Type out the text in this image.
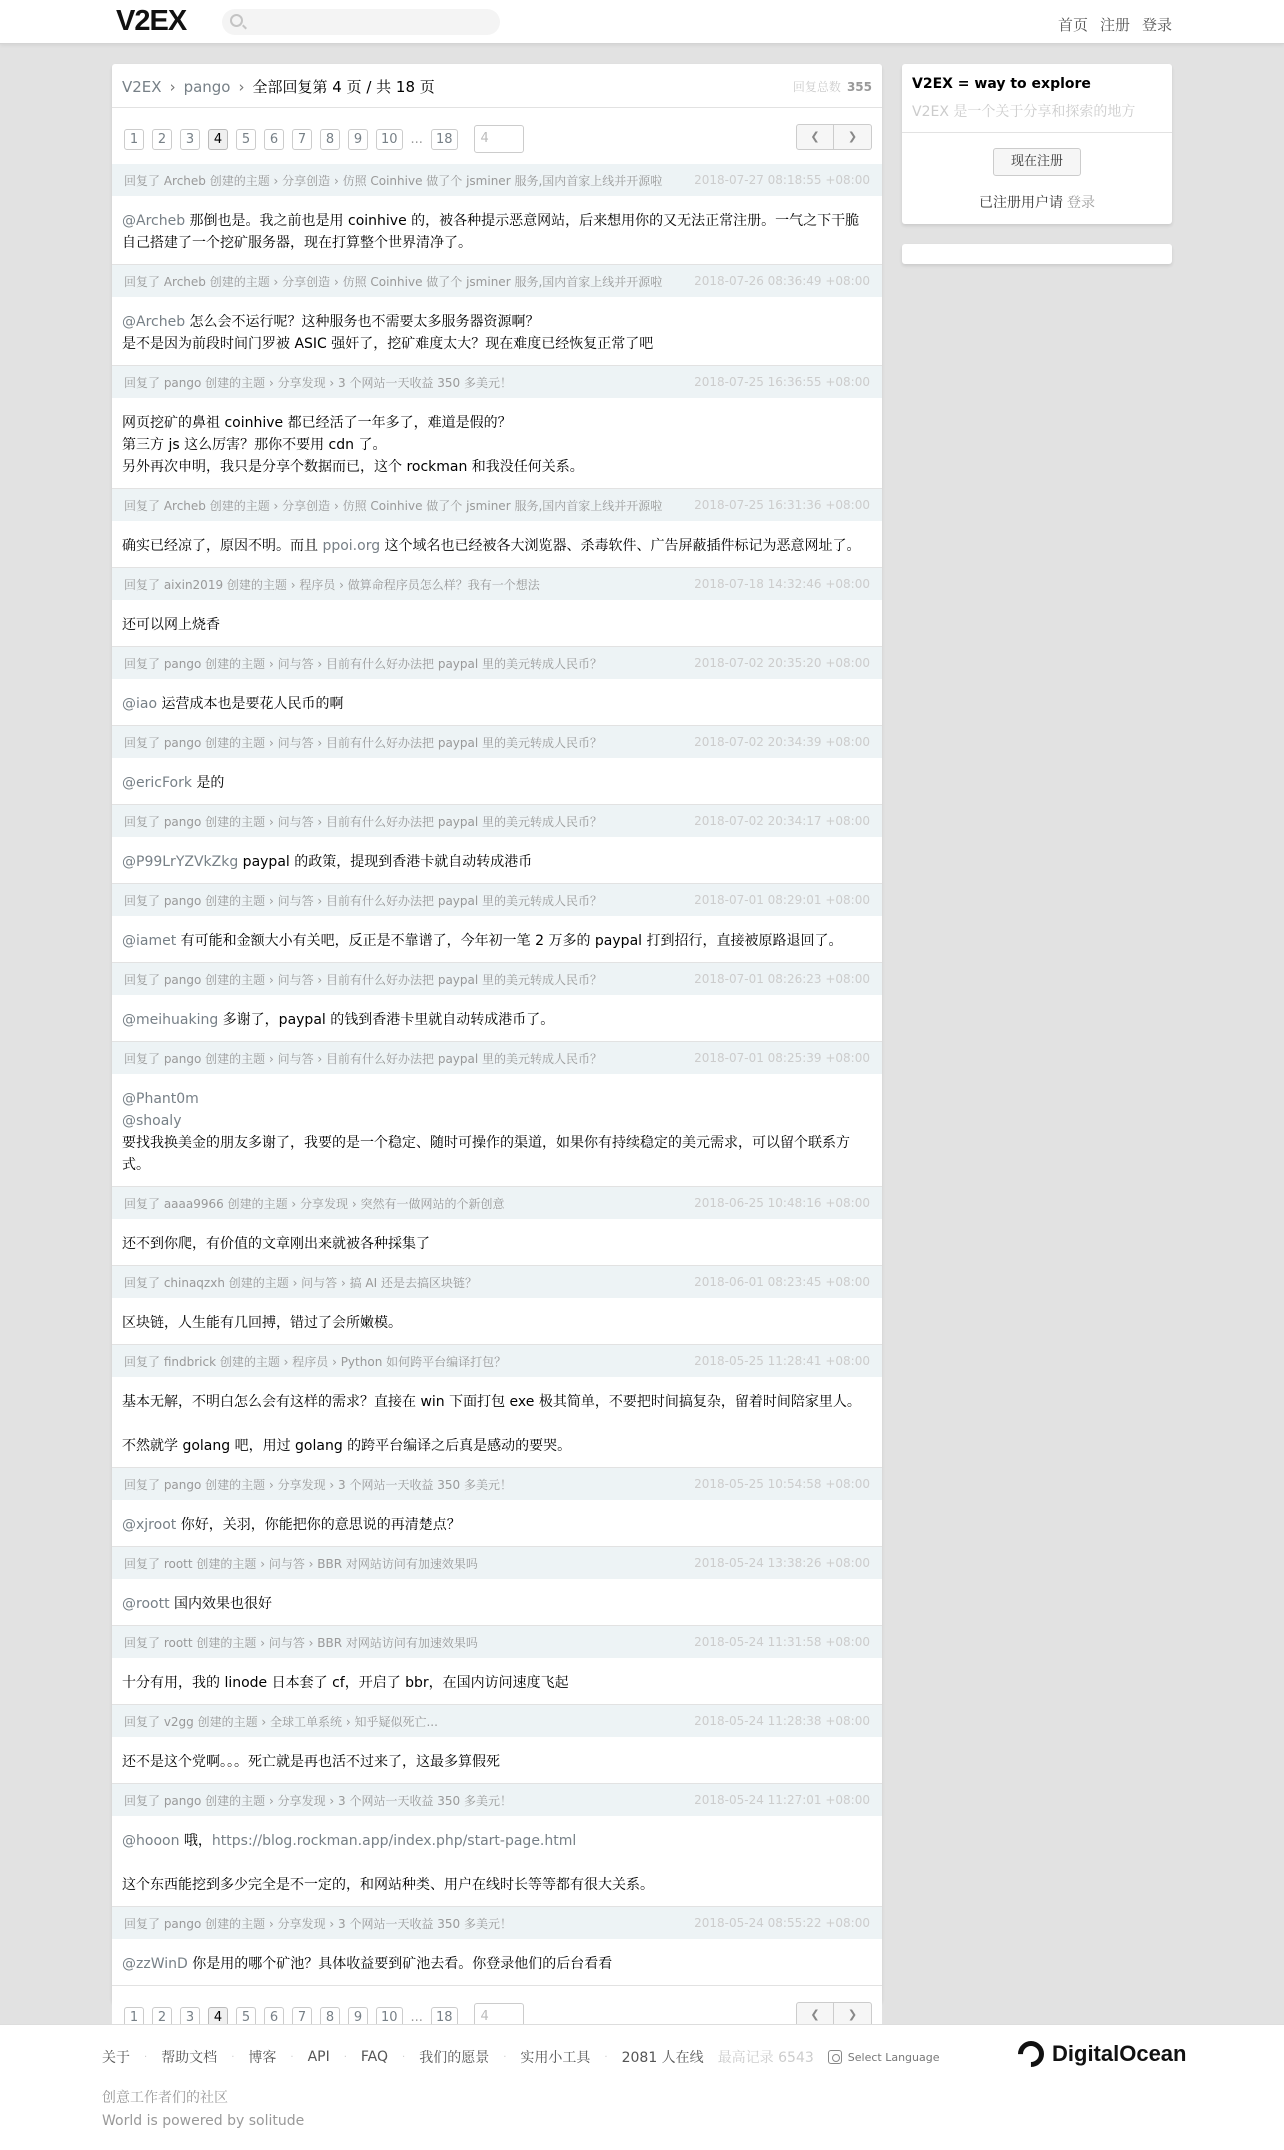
V2EX	首页 注册 登录
V2EX › pango › 全部回复第 4 页 / 共 18 页	回复总数 355
1	2	3	4	5	6	7	8	9	10	...	18	4	❮	❯
回复了 Archeb 创建的主题 › 分享创造 › 仿照 Coinhive 做了个 jsminer 服务,国内首家上线并开源啦	2018-07-27 08:18:55 +08:00

@Archeb 那倒也是。我之前也是用 coinhive 的，被各种提示恶意网站，后来想用你的又无法正常注册。一气之下干脆自己搭建了一个挖矿服务器，现在打算整个世界清净了。

回复了 Archeb 创建的主题 › 分享创造 › 仿照 Coinhive 做了个 jsminer 服务,国内首家上线并开源啦	2018-07-26 08:36:49 +08:00

@Archeb 怎么会不运行呢？这种服务也不需要太多服务器资源啊？

是不是因为前段时间门罗被 ASIC 强奸了，挖矿难度太大？现在难度已经恢复正常了吧

回复了 pango 创建的主题 › 分享发现 › 3 个网站一天收益 350 多美元！	2018-07-25 16:36:55 +08:00

网页挖矿的鼻祖 coinhive 都已经活了一年多了，难道是假的？

第三方 js 这么厉害？那你不要用 cdn 了。

另外再次申明，我只是分享个数据而已，这个 rockman 和我没任何关系。

回复了 Archeb 创建的主题 › 分享创造 › 仿照 Coinhive 做了个 jsminer 服务,国内首家上线并开源啦	2018-07-25 16:31:36 +08:00

确实已经凉了，原因不明。而且 ppoi.org 这个域名也已经被各大浏览器、杀毒软件、广告屏蔽插件标记为恶意网址了。

回复了 aixin2019 创建的主题 › 程序员 › 做算命程序员怎么样？我有一个想法	2018-07-18 14:32:46 +08:00

还可以网上烧香

回复了 pango 创建的主题 › 问与答 › 目前有什么好办法把 paypal 里的美元转成人民币？	2018-07-02 20:35:20 +08:00

@iao 运营成本也是要花人民币的啊

回复了 pango 创建的主题 › 问与答 › 目前有什么好办法把 paypal 里的美元转成人民币？	2018-07-02 20:34:39 +08:00

@ericFork 是的

回复了 pango 创建的主题 › 问与答 › 目前有什么好办法把 paypal 里的美元转成人民币？	2018-07-02 20:34:17 +08:00

@P99LrYZVkZkg paypal 的政策，提现到香港卡就自动转成港币

回复了 pango 创建的主题 › 问与答 › 目前有什么好办法把 paypal 里的美元转成人民币？	2018-07-01 08:29:01 +08:00

@iamet 有可能和金额大小有关吧，反正是不靠谱了，今年初一笔 2 万多的 paypal 打到招行，直接被原路退回了。

回复了 pango 创建的主题 › 问与答 › 目前有什么好办法把 paypal 里的美元转成人民币？	2018-07-01 08:26:23 +08:00

@meihuaking 多谢了，paypal 的钱到香港卡里就自动转成港币了。

回复了 pango 创建的主题 › 问与答 › 目前有什么好办法把 paypal 里的美元转成人民币？	2018-07-01 08:25:39 +08:00

@Phant0m

@shoaly

要找我换美金的朋友多谢了，我要的是一个稳定、随时可操作的渠道，如果你有持续稳定的美元需求，可以留个联系方式。

回复了 aaaa9966 创建的主题 › 分享发现 › 突然有一做网站的个新创意	2018-06-25 10:48:16 +08:00

还不到你爬，有价值的文章刚出来就被各种採集了

回复了 chinaqzxh 创建的主题 › 问与答 › 搞 AI 还是去搞区块链？	2018-06-01 08:23:45 +08:00

区块链，人生能有几回搏，错过了会所嫩模。

回复了 findbrick 创建的主题 › 程序员 › Python 如何跨平台编译打包？	2018-05-25 11:28:41 +08:00

基本无解，不明白怎么会有这样的需求？直接在 win 下面打包 exe 极其简单，不要把时间搞复杂，留着时间陪家里人。

不然就学 golang 吧，用过 golang 的跨平台编译之后真是感动的要哭。

回复了 pango 创建的主题 › 分享发现 › 3 个网站一天收益 350 多美元！	2018-05-25 10:54:58 +08:00

@xjroot 你好，关羽，你能把你的意思说的再清楚点？

回复了 roott 创建的主题 › 问与答 › BBR 对网站访问有加速效果吗	2018-05-24 13:38:26 +08:00

@roott 国内效果也很好

回复了 roott 创建的主题 › 问与答 › BBR 对网站访问有加速效果吗	2018-05-24 11:31:58 +08:00

十分有用，我的 linode 日本套了 cf，开启了 bbr，在国内访问速度飞起

回复了 v2gg 创建的主题 › 全球工单系统 › 知乎疑似死亡...	2018-05-24 11:28:38 +08:00

还不是这个党啊。。。死亡就是再也活不过来了，这最多算假死

回复了 pango 创建的主题 › 分享发现 › 3 个网站一天收益 350 多美元！	2018-05-24 11:27:01 +08:00

@hooon 哦，https://blog.rockman.app/index.php/start-page.html

这个东西能挖到多少完全是不一定的，和网站种类、用户在线时长等等都有很大关系。

回复了 pango 创建的主题 › 分享发现 › 3 个网站一天收益 350 多美元！	2018-05-24 08:55:22 +08:00

@zzWinD 你是用的哪个矿池？具体收益要到矿池去看。你登录他们的后台看看

1	2	3	4	5	6	7	8	9	10	...	18	4	❮	❯
V2EX = way to explore
V2EX 是一个关于分享和探索的地方
现在注册
已注册用户请 登录
关于 · 帮助文档 · 博客 · API · FAQ · 我们的愿景 · 实用小工具 · 2081 人在线 最高记录 6543	Select Language	DigitalOcean
创意工作者们的社区
World is powered by solitude
